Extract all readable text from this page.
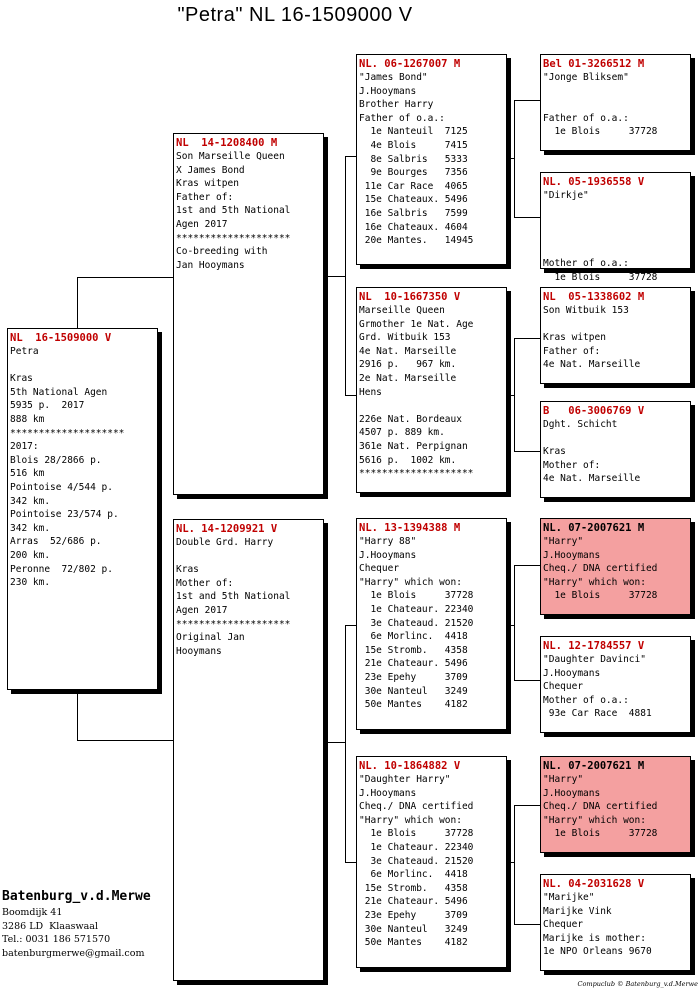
"Petra" NL 16-1509000 V
NL  16-1509000 V
Petra
Kras
5th National Agen
5935 p.  2017
888 km
********************
2017:
Blois 28/2866 p.
516 km
Pointoise 4/544 p.
342 km.
Pointoise 23/574 p.
342 km.
Arras  52/686 p.
200 km.
Peronne  72/802 p.
230 km.
NL  14-1208400 M
Son Marseille Queen
X James Bond
Kras witpen
Father of:
1st and 5th National
Agen 2017
********************
Co-breeding with
Jan Hooymans
NL. 14-1209921 V
Double Grd. Harry
Kras
Mother of:
1st and 5th National
Agen 2017
********************
Original Jan
Hooymans
NL. 06-1267007 M
"James Bond"
J.Hooymans
Brother Harry
Father of o.a.:
1e Nanteuil  7125
4e Blois     7415
8e Salbris   5333
9e Bourges   7356
11e Car Race  4065
15e Chateaux. 5496
16e Salbris   7599
16e Chateaux. 4604
20e Mantes.   14945
NL  10-1667350 V
Marseille Queen
Grmother 1e Nat. Age
Grd. Witbuik 153
4e Nat. Marseille
2916 p.   967 km.
2e Nat. Marseille
Hens
226e Nat. Bordeaux
4507 p. 889 km.
361e Nat. Perpignan
5616 p.  1002 km.
********************
NL. 13-1394388 M
"Harry 88"
J.Hooymans
Chequer
"Harry" which won:
1e Blois     37728
1e Chateaur. 22340
3e Chateaud. 21520
6e Morlinc.  4418
15e Stromb.   4358
21e Chateaur. 5496
23e Epehy     3709
30e Nanteul   3249
50e Mantes    4182
NL. 10-1864882 V
"Daughter Harry"
J.Hooymans
Cheq./ DNA certified
"Harry" which won:
1e Blois     37728
1e Chateaur. 22340
3e Chateaud. 21520
6e Morlinc.  4418
15e Stromb.   4358
21e Chateaur. 5496
23e Epehy     3709
30e Nanteul   3249
50e Mantes    4182
Bel 01-3266512 M
"Jonge Bliksem"
Father of o.a.:
1e Blois     37728
NL. 05-1936558 V
"Dirkje"
Mother of o.a.:
1e Blois     37728
NL  05-1338602 M
Son Witbuik 153
Kras witpen
Father of:
4e Nat. Marseille
B   06-3006769 V
Dght. Schicht
Kras
Mother of:
4e Nat. Marseille
NL. 07-2007621 M
"Harry"
J.Hooymans
Cheq./ DNA certified
"Harry" which won:
1e Blois     37728
NL. 12-1784557 V
"Daughter Davinci"
J.Hooymans
Chequer
Mother of o.a.:
93e Car Race  4881
NL. 07-2007621 M
"Harry"
J.Hooymans
Cheq./ DNA certified
"Harry" which won:
1e Blois     37728
NL. 04-2031628 V
"Marijke"
Marijke Vink
Chequer
Marijke is mother:
1e NPO Orleans 9670
Batenburg_v.d.Merwe
Boomdijk 41
3286 LD  Klaaswaal
Tel.: 0031 186 571570
batenburgmerwe@gmail.com
Compuclub © Batenburg_v.d.Merwe
